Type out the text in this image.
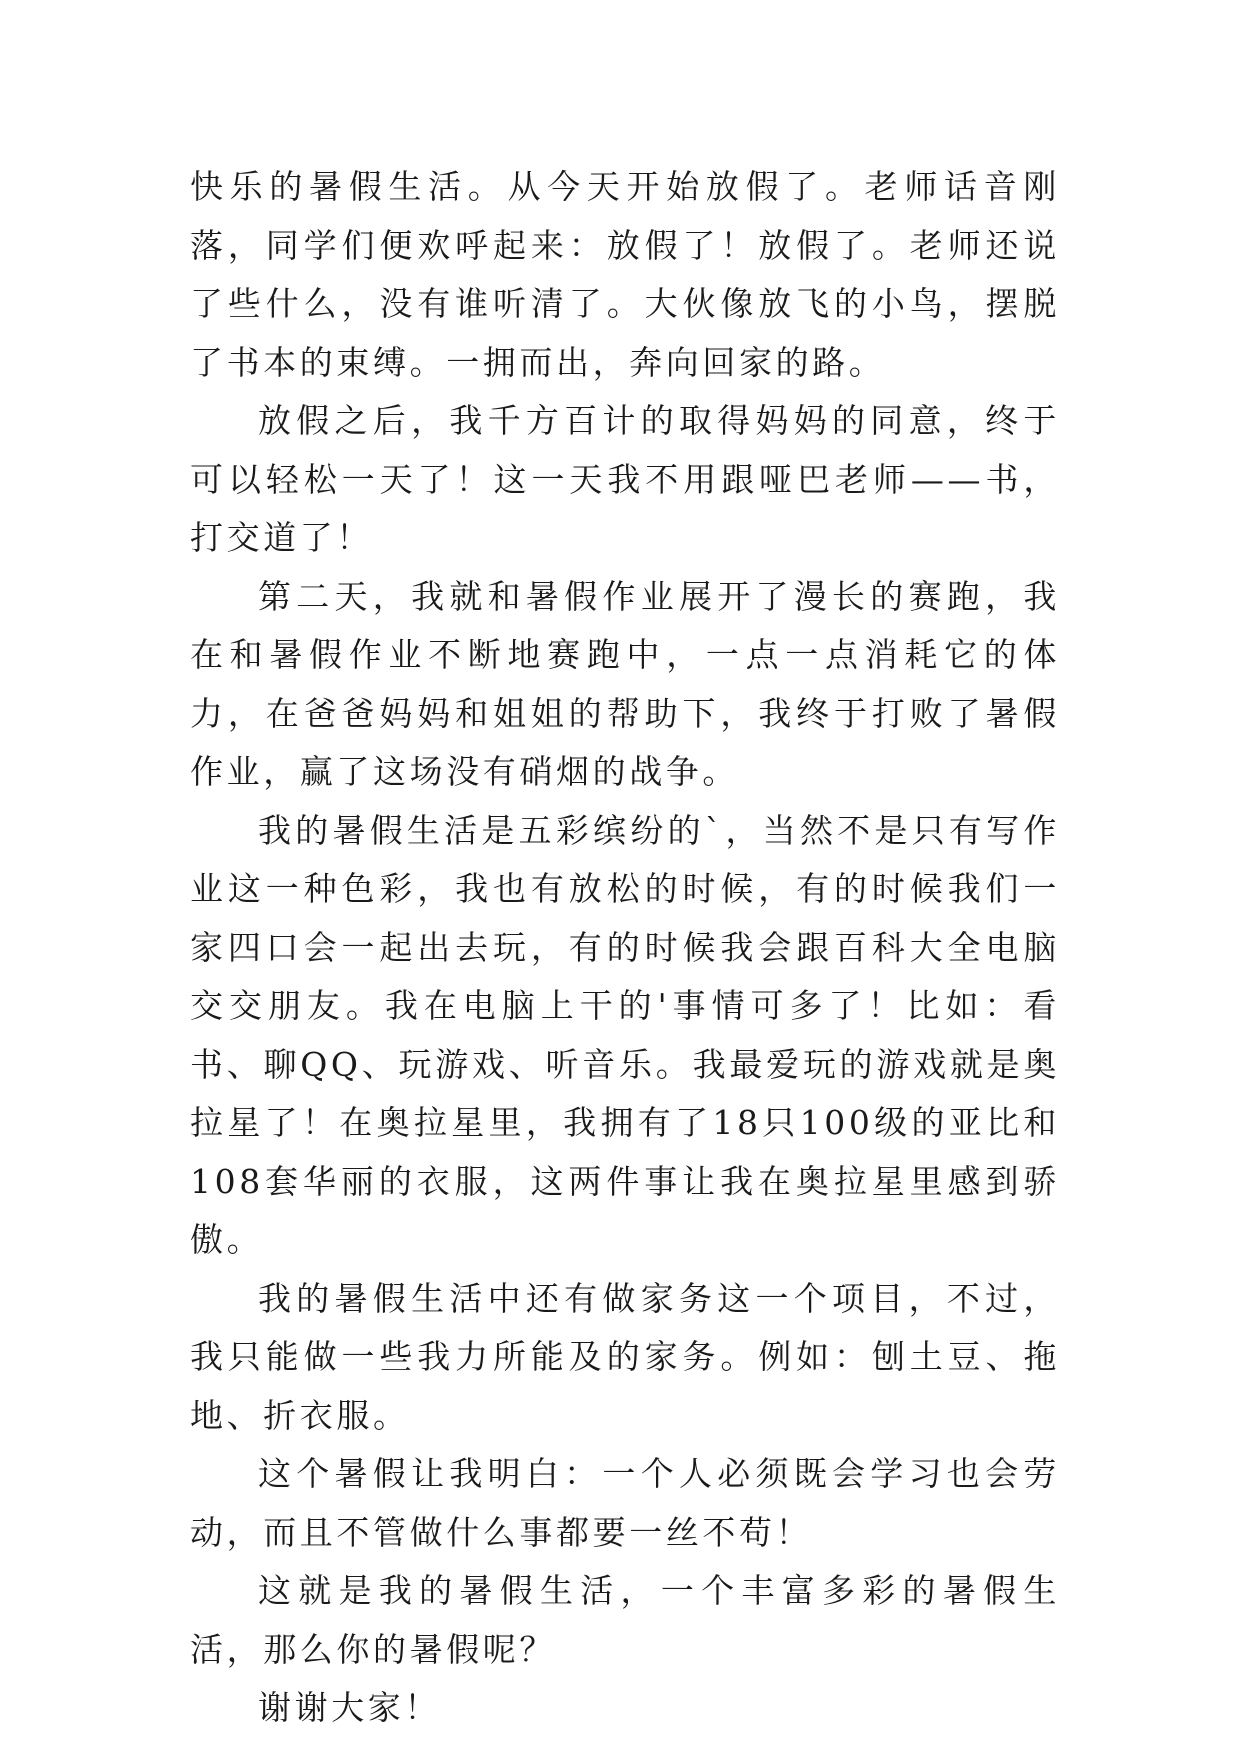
快乐的暑假生活。从今天开始放假了。老师话音刚落，同学们便欢呼起来：放假了！放假了。老师还说了些什么，没有谁听清了。大伙像放飞的小鸟，摆脱了书本的束缚。一拥而出，奔向回家的路。

放假之后，我千方百计的取得妈妈的同意，终于可以轻松一天了！这一天我不用跟哑巴老师——书，打交道了！

第二天，我就和暑假作业展开了漫长的赛跑，我在和暑假作业不断地赛跑中，一点一点消耗它的体力，在爸爸妈妈和姐姐的帮助下，我终于打败了暑假作业，赢了这场没有硝烟的战争。

我的暑假生活是五彩缤纷的`，当然不是只有写作业这一种色彩，我也有放松的时候，有的时候我们一家四口会一起出去玩，有的时候我会跟百科大全电脑交交朋友。我在电脑上干的'事情可多了！比如：看书、聊QQ、玩游戏、听音乐。我最爱玩的游戏就是奥拉星了！在奥拉星里，我拥有了18只100级的亚比和108套华丽的衣服，这两件事让我在奥拉星里感到骄傲。

我的暑假生活中还有做家务这一个项目，不过，我只能做一些我力所能及的家务。例如：刨土豆、拖地、折衣服。

这个暑假让我明白：一个人必须既会学习也会劳动，而且不管做什么事都要一丝不苟！

这就是我的暑假生活，一个丰富多彩的暑假生活，那么你的暑假呢？

谢谢大家！
